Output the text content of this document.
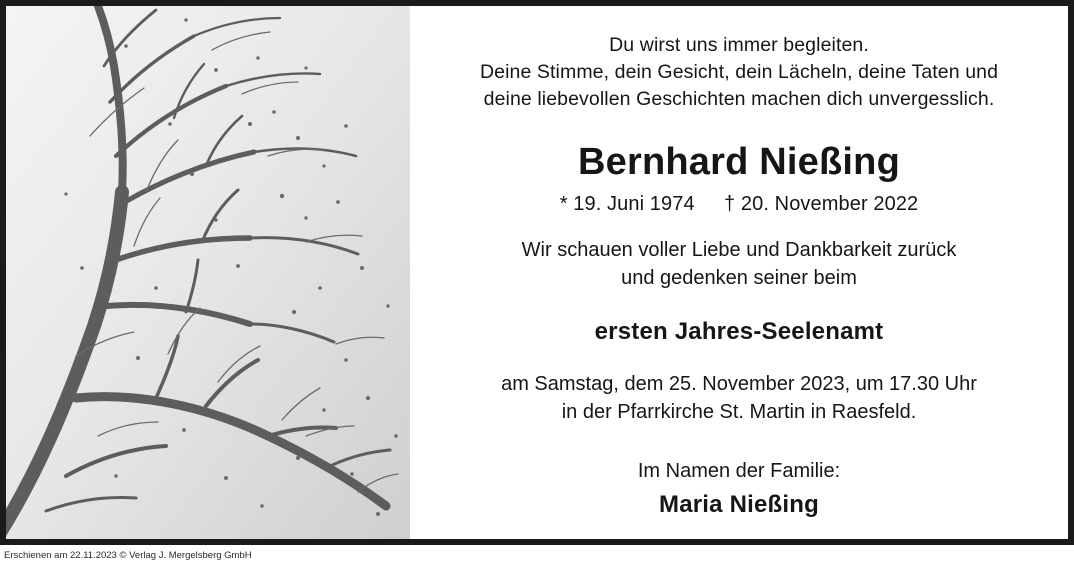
Du wirst uns immer begleiten.
Deine Stimme, dein Gesicht, dein Lächeln, deine Taten und
deine liebevollen Geschichten machen dich unvergesslich.
Bernhard Nießing
* 19. Juni 1974 † 20. November 2022
Wir schauen voller Liebe und Dankbarkeit zurück
und gedenken seiner beim
ersten Jahres-Seelenamt
am Samstag, dem 25. November 2023, um 17.30 Uhr
in der Pfarrkirche St. Martin in Raesfeld.
Im Namen der Familie:
Maria Nießing
Erschienen am 22.11.2023 © Verlag J. Mergelsberg GmbH
